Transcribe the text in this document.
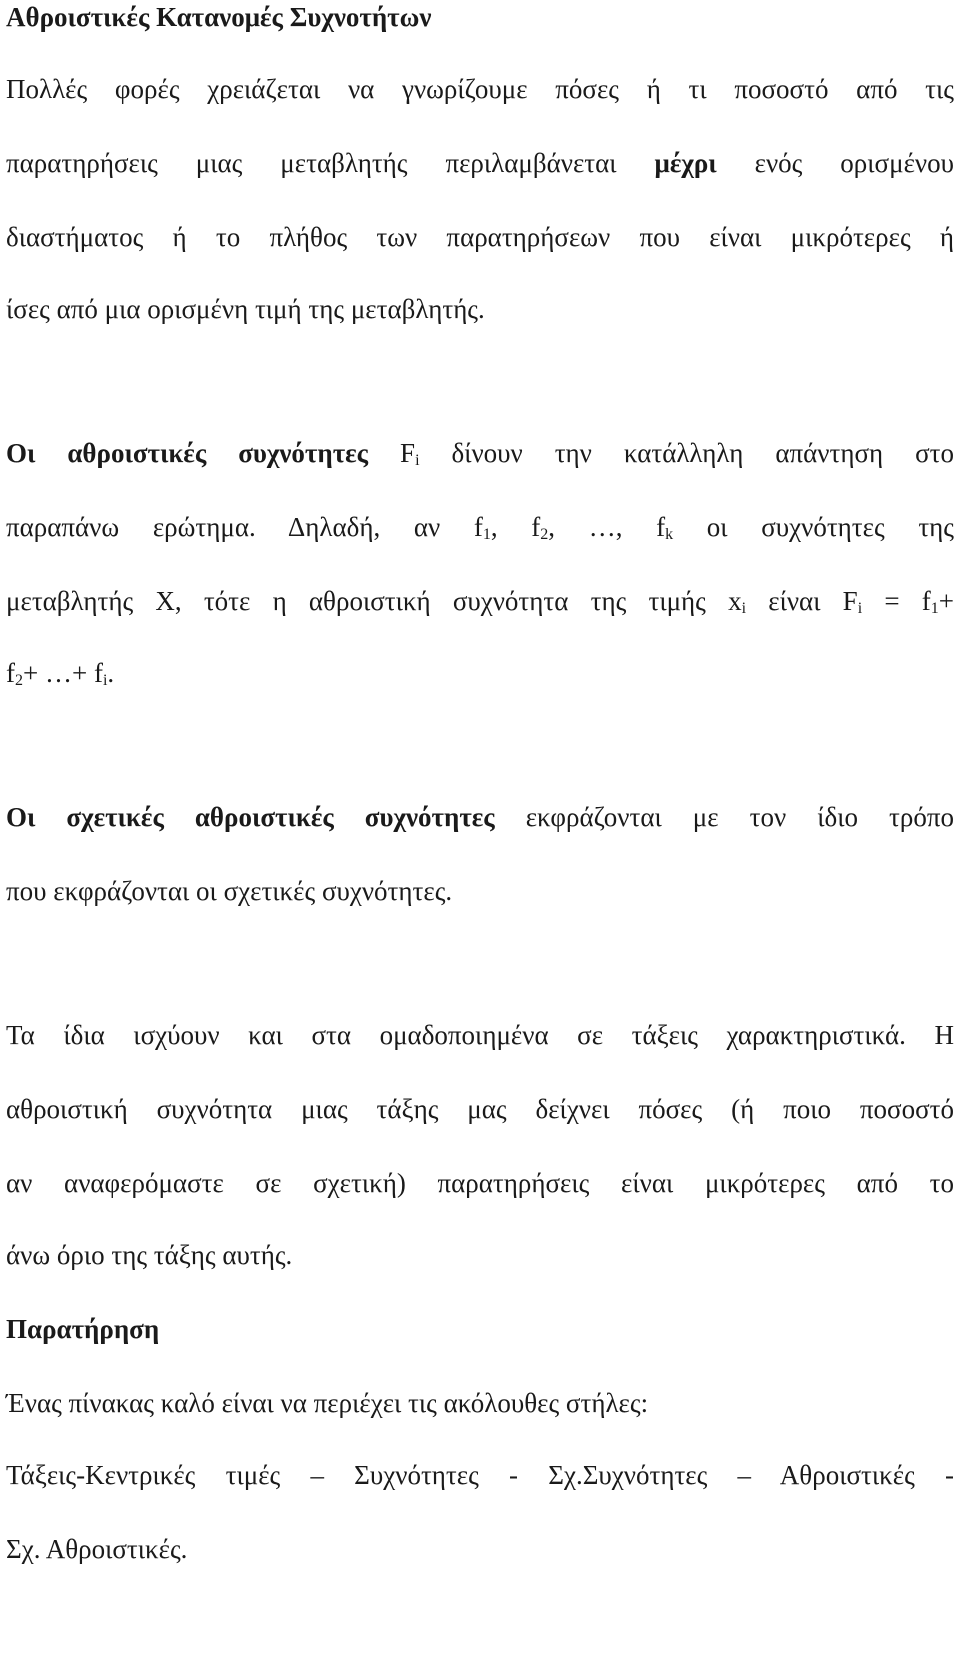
Αθροιστικές Κατανομές Συχνοτήτων
Πολλές φορές χρειάζεται να γνωρίζουμε πόσες ή τι ποσοστό από τις
παρατηρήσεις μιας μεταβλητής περιλαμβάνεται μέχρι ενός ορισμένου
διαστήματος ή το πλήθος των παρατηρήσεων που είναι μικρότερες ή
ίσες από μια ορισμένη τιμή της μεταβλητής.
Οι αθροιστικές συχνότητες $F_i$ δίνουν την κατάλληλη απάντηση στο
παραπάνω ερώτημα. Δηλαδή, αν $f_1$, $f_2$, …, $f_k$ οι συχνότητες της
μεταβλητής X, τότε η αθροιστική συχνότητα της τιμής $x_i$ είναι $F_i = f_1+$
$f_2+$ …+ $f_i$.
Οι σχετικές αθροιστικές συχνότητες εκφράζονται με τον ίδιο τρόπο
που εκφράζονται οι σχετικές συχνότητες.
Τα ίδια ισχύουν και στα ομαδοποιημένα σε τάξεις χαρακτηριστικά. Η
αθροιστική συχνότητα μιας τάξης μας δείχνει πόσες (ή ποιο ποσοστό
αν αναφερόμαστε σε σχετική) παρατηρήσεις είναι μικρότερες από το
άνω όριο της τάξης αυτής.
Παρατήρηση
Ένας πίνακας καλό είναι να περιέχει τις ακόλουθες στήλες:
Τάξεις-Κεντρικές τιμές – Συχνότητες - Σχ.Συχνότητες – Αθροιστικές -
Σχ. Αθροιστικές.
